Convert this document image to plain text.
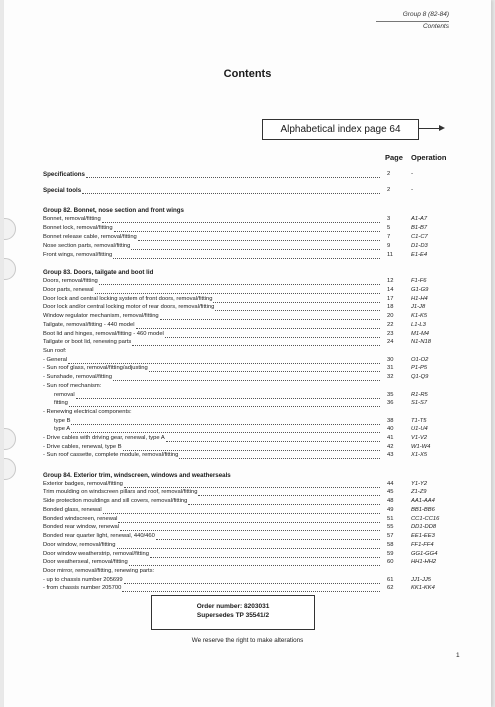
Group 8 (82-84)
Contents
Contents
Alphabetical index page 64
Page Operation
Specifications	2	-
Special tools	2	-
Group 82. Bonnet, nose section and front wings
Bonnet, removal/fitting	3	A1-A7
Bonnet lock, removal/fitting	5	B1-B7
Bonnet release cable, removal/fitting	7	C1-C7
Nose section parts, removal/fitting	9	D1-D3
Front wings, removal/fitting	11	E1-E4
Group 83. Doors, tailgate and boot lid
Doors, removal/fitting	12	F1-F6
Door parts, renewal	14	G1-G9
Door lock and central locking system of front doors, removal/fitting	17	H1-H4
Door lock and/or central locking motor of rear doors, removal/fitting	18	J1-J8
Window regulator mechanism, removal/fitting	20	K1-K5
Tailgate, removal/fitting - 440 model	22	L1-L3
Boot lid and hinges, removal/fitting - 460 model	23	M1-M4
Tailgate or boot lid, renewing parts	24	N1-N18
Sun roof:
- General	30	O1-O2
- Sun roof glass, removal/fitting/adjusting	31	P1-P5
- Sunshade, removal/fitting	32	Q1-Q9
- Sun roof mechanism:
removal	35	R1-R5
fitting	36	S1-S7
- Renewing electrical components:
type B	38	T1-T5
type A	40	U1-U4
- Drive cables with driving gear, renewal, type A	41	V1-V2
- Drive cables, renewal, type B	42	W1-W4
- Sun roof cassette, complete module, removal/fitting	43	X1-X5
Group 84. Exterior trim, windscreen, windows and weatherseals
Exterior badges, removal/fitting	44	Y1-Y2
Trim moulding on windscreen pillars and roof, removal/fitting	45	Z1-Z9
Side protection mouldings and sill covers, removal/fitting	48	AA1-AA4
Bonded glass, renewal	49	BB1-BB6
Bonded windscreen, renewal	51	CC1-CC16
Bonded rear window, renewal	55	DD1-DD8
Bonded rear quarter light, renewal, 440/460	57	EE1-EE3
Door window, removal/fitting	58	FF1-FF4
Door window weatherstrip, removal/fitting	59	GG1-GG4
Door weatherseal, removal/fitting	60	HH1-HH2
Door mirror, removal/fitting, renewing parts:
- up to chassis number 205699	61	JJ1-JJ5
- from chassis number 205700	62	KK1-KK4
Order number: 8203031
Supersedes TP 35541/2
We reserve the right to make alterations
1
